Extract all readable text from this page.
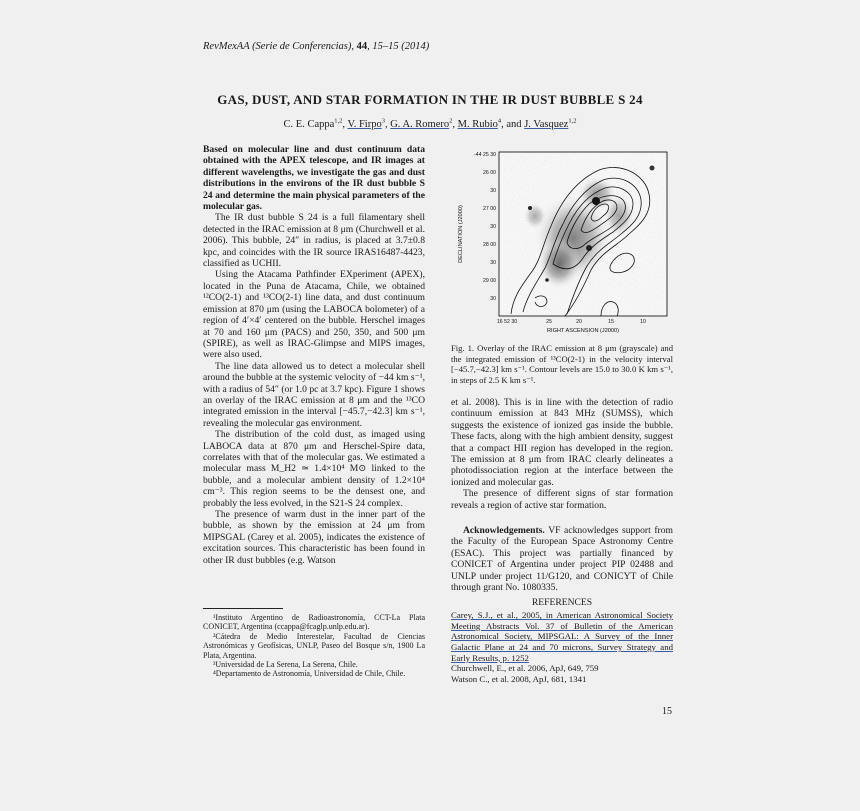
RevMexAA (Serie de Conferencias), 44, 15–15 (2014)
GAS, DUST, AND STAR FORMATION IN THE IR DUST BUBBLE S 24
C. E. Cappa$^{1,2}$, V. Firpo$^3$, G. A. Romero$^2$, M. Rubio$^4$, and J. Vasquez$^{1,2}$

Based on molecular line and dust continuum data obtained with the APEX telescope, and IR images at different wavelengths, we investigate the gas and dust distributions in the environs of the IR dust bubble S 24 and determine the main physical parameters of the molecular gas.

The IR dust bubble S 24 is a full filamentary shell detected in the IRAC emission at 8 μm (Churchwell et al. 2006). This bubble, 24″ in radius, is placed at 3.7±0.8 kpc, and coincides with the IR source IRAS16487-4423, classified as UCHII.

Using the Atacama Pathfinder EXperiment (APEX), located in the Puna de Atacama, Chile, we obtained ¹²CO(2-1) and ¹³CO(2-1) line data, and dust continuum emission at 870 μm (using the LABOCA bolometer) of a region of 4′×4′ centered on the bubble. Herschel images at 70 and 160 μm (PACS) and 250, 350, and 500 μm (SPIRE), as well as IRAC-Glimpse and MIPS images, were also used.

The line data allowed us to detect a molecular shell around the bubble at the systemic velocity of −44 km s⁻¹, with a radius of 54″ (or 1.0 pc at 3.7 kpc). Figure 1 shows an overlay of the IRAC emission at 8 μm and the ¹³CO integrated emission in the interval [−45.7,−42.3] km s⁻¹, revealing the molecular gas environment.

The distribution of the cold dust, as imaged using LABOCA data at 870 μm and Herschel-Spire data, correlates with that of the molecular gas. We estimated a molecular mass M_H2 ≃ 1.4×10⁴ M⊙ linked to the bubble, and a molecular ambient density of 1.2×10⁴ cm⁻³. This region seems to be the densest one, and probably the less evolved, in the S21-S 24 complex.

The presence of warm dust in the inner part of the bubble, as shown by the emission at 24 μm from MIPSGAL (Carey et al. 2005), indicates the existence of excitation sources. This characteristic has been found in other IR dust bubbles (e.g. Watson

¹Instituto Argentino de Radioastronomía, CCT-La Plata CONICET, Argentina (ccappa@fcaglp.unlp.edu.ar).

²Cátedra de Medio Interestelar, Facultad de Ciencias Astronómicas y Geofísicas, UNLP, Paseo del Bosque s/n, 1900 La Plata, Argentina.

³Universidad de La Serena, La Serena, Chile.

⁴Departamento de Astronomía, Universidad de Chile, Chile.

-44 25 30
26 00
30
27 00
30
28 00
30
29 00
30
16 52 30	25	20	15	10
RIGHT ASCENSION (J2000)
DECLINATION (J2000)
Fig. 1. Overlay of the IRAC emission at 8 μm (grayscale) and the integrated emission of ¹³CO(2-1) in the velocity interval [−45.7,−42.3] km s⁻¹. Contour levels are 15.0 to 30.0 K km s⁻¹, in steps of 2.5 K km s⁻¹.

et al. 2008). This is in line with the detection of radio continuum emission at 843 MHz (SUMSS), which suggests the existence of ionized gas inside the bubble. These facts, along with the high ambient density, suggest that a compact HII region has developed in the region. The emission at 8 μm from IRAC clearly delineates a photodissociation region at the interface between the ionized and molecular gas.

The presence of different signs of star formation reveals a region of active star formation.

Acknowledgements. VF acknowledges support from the Faculty of the European Space Astronomy Centre (ESAC). This project was partially financed by CONICET of Argentina under project PIP 02488 and UNLP under project 11/G120, and CONICYT of Chile through grant No. 1080335.

REFERENCES

Carey, S.J., et al., 2005, in American Astronomical Society Meeting Abstracts Vol. 37 of Bulletin of the American Astronomical Society, MIPSGAL: A Survey of the Inner Galactic Plane at 24 and 70 microns, Survey Strategy and Early Results, p. 1252

Churchwell, E., et al. 2006, ApJ, 649, 759

Watson C., et al. 2008, ApJ, 681, 1341

15
